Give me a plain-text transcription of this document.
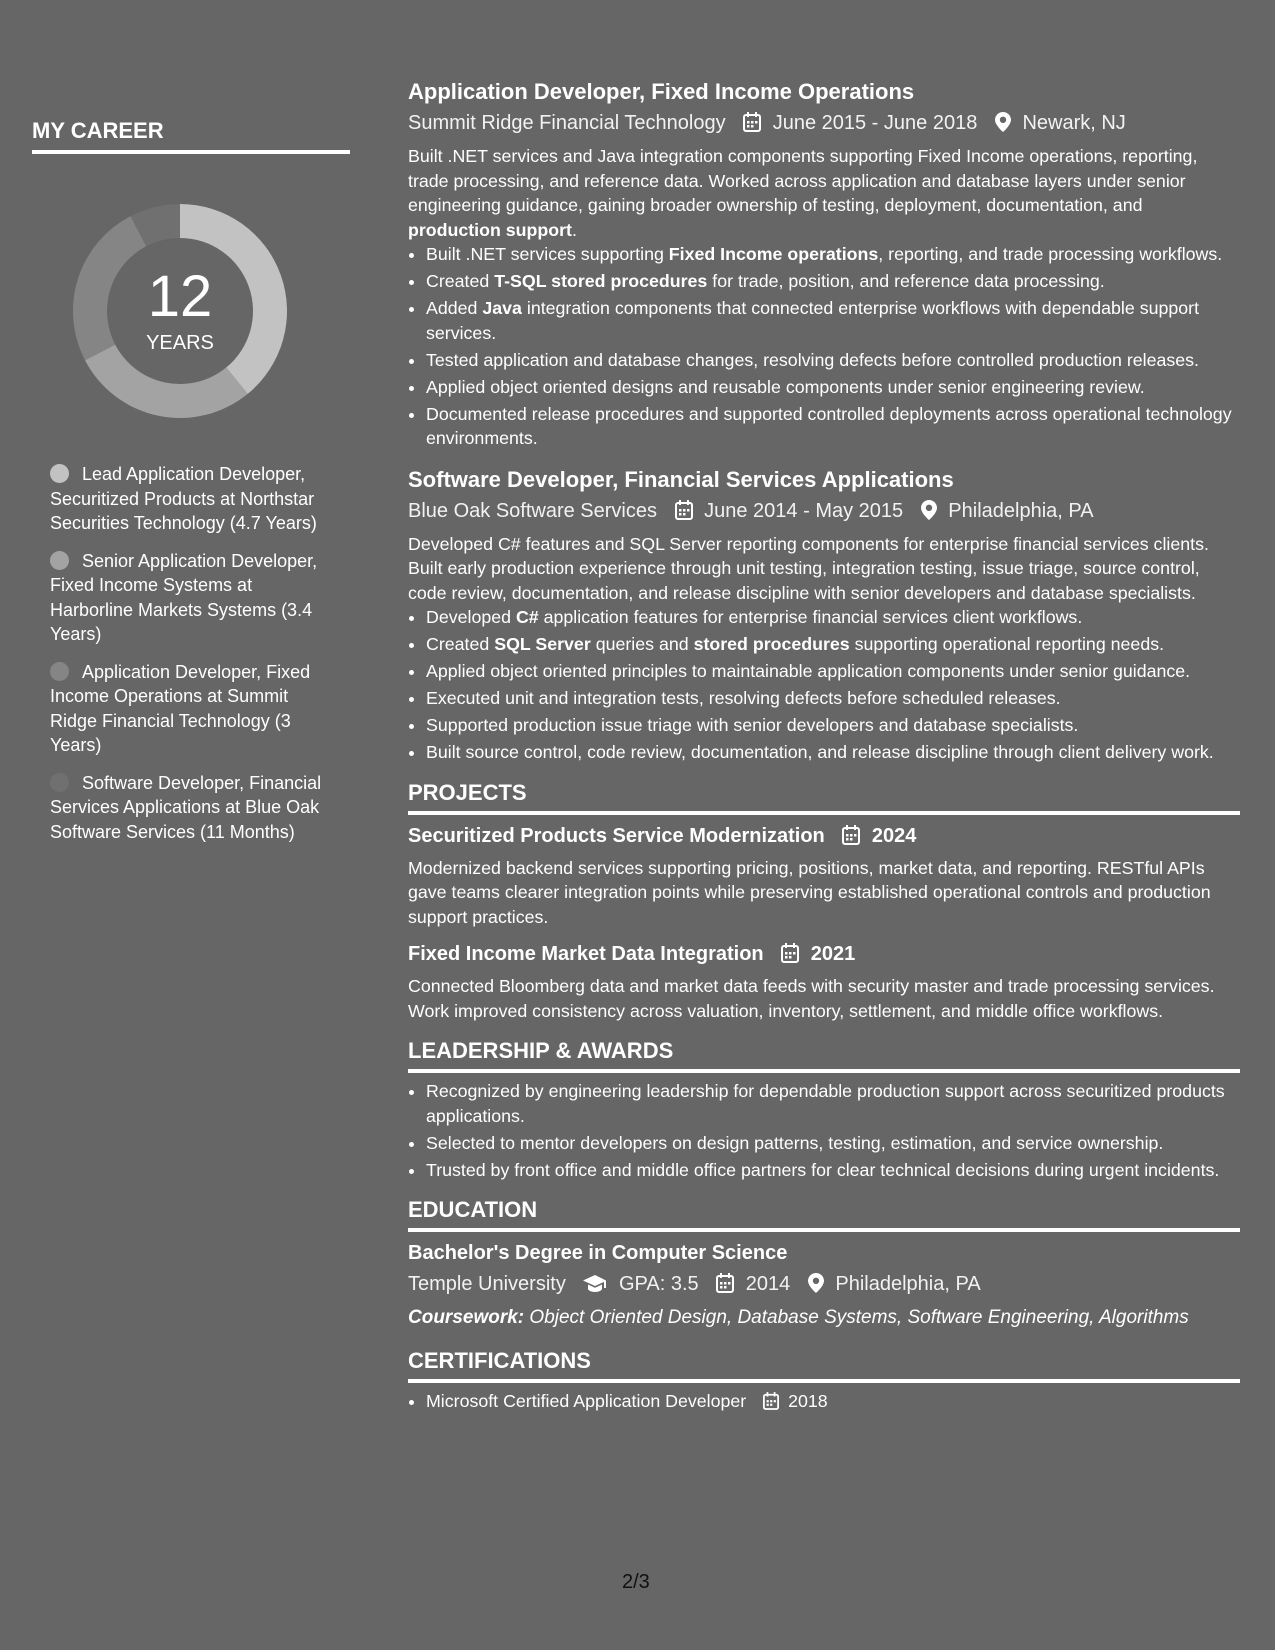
MY CAREER
12
YEARS
Lead Application Developer, Securitized Products at Northstar Securities Technology (4.7 Years)
Senior Application Developer, Fixed Income Systems at Harborline Markets Systems (3.4 Years)
Application Developer, Fixed Income Operations at Summit Ridge Financial Technology (3 Years)
Software Developer, Financial Services Applications at Blue Oak Software Services (11 Months)
Application Developer, Fixed Income Operations
Summit Ridge Financial Technology June 2015 - June 2018 Newark, NJ

Built .NET services and Java integration components supporting Fixed Income operations, reporting, trade processing, and reference data. Worked across application and database layers under senior engineering guidance, gaining broader ownership of testing, deployment, documentation, and production support.

• Built .NET services supporting Fixed Income operations, reporting, and trade processing workflows.
• Created T-SQL stored procedures for trade, position, and reference data processing.
• Added Java integration components that connected enterprise workflows with dependable support services.
• Tested application and database changes, resolving defects before controlled production releases.
• Applied object oriented designs and reusable components under senior engineering review.
• Documented release procedures and supported controlled deployments across operational technology environments.
Software Developer, Financial Services Applications
Blue Oak Software Services June 2014 - May 2015 Philadelphia, PA

Developed C# features and SQL Server reporting components for enterprise financial services clients. Built early production experience through unit testing, integration testing, issue triage, source control, code review, documentation, and release discipline with senior developers and database specialists.

• Developed C# application features for enterprise financial services client workflows.
• Created SQL Server queries and stored procedures supporting operational reporting needs.
• Applied object oriented principles to maintainable application components under senior guidance.
• Executed unit and integration tests, resolving defects before scheduled releases.
• Supported production issue triage with senior developers and database specialists.
• Built source control, code review, documentation, and release discipline through client delivery work.
PROJECTS
Securitized Products Service Modernization 2024

Modernized backend services supporting pricing, positions, market data, and reporting. RESTful APIs gave teams clearer integration points while preserving established operational controls and production support practices.

Fixed Income Market Data Integration 2021

Connected Bloomberg data and market data feeds with security master and trade processing services. Work improved consistency across valuation, inventory, settlement, and middle office workflows.

LEADERSHIP & AWARDS
• Recognized by engineering leadership for dependable production support across securitized products applications.
• Selected to mentor developers on design patterns, testing, estimation, and service ownership.
• Trusted by front office and middle office partners for clear technical decisions during urgent incidents.
EDUCATION
Bachelor's Degree in Computer Science
Temple University	GPA: 3.5 2014 Philadelphia, PA
Coursework: Object Oriented Design, Database Systems, Software Engineering, Algorithms
CERTIFICATIONS
• Microsoft Certified Application Developer 2018
2/3
